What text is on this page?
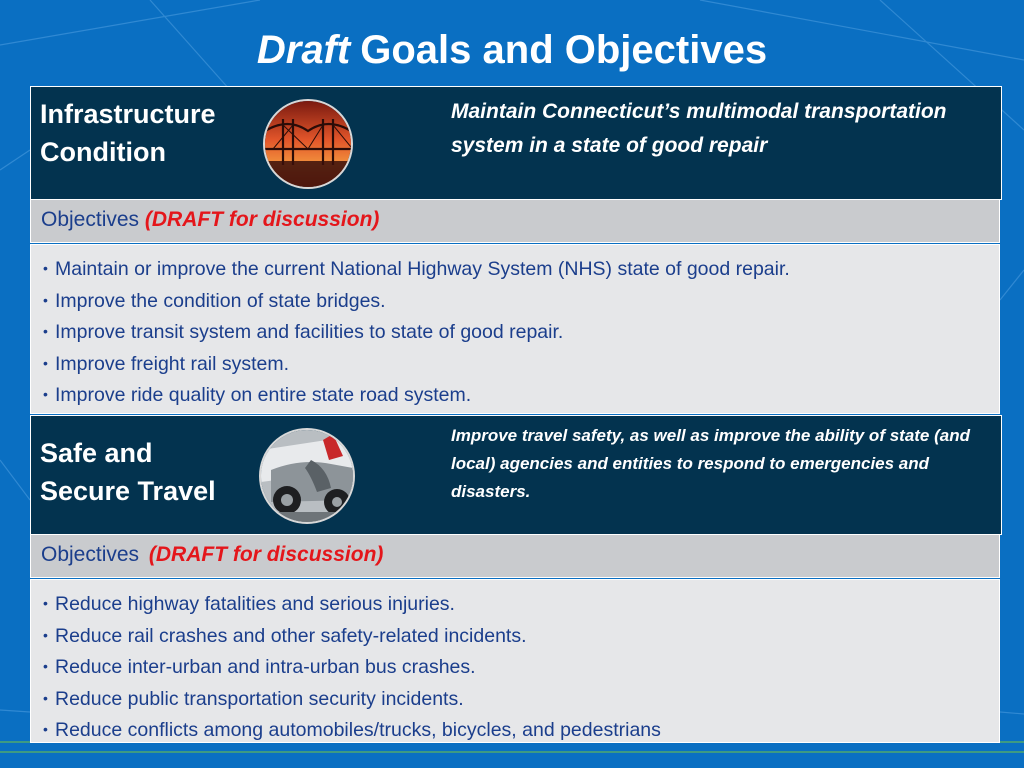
Draft Goals and Objectives
Infrastructure
Condition
Maintain Connecticut’s multimodal transportation system in a state of good repair
Objectives (DRAFT for discussion)
• Maintain or improve the current National Highway System (NHS) state of good repair.
• Improve the condition of state bridges.
• Improve transit system and facilities to state of good repair.
• Improve freight rail system.
• Improve ride quality on entire state road system.
Safe and
Secure Travel
Improve travel safety, as well as improve the ability of state (and local) agencies and entities to respond to emergencies and disasters.
Objectives (DRAFT for discussion)
• Reduce highway fatalities and serious injuries.
• Reduce rail crashes and other safety-related incidents.
• Reduce inter-urban and intra-urban bus crashes.
• Reduce public transportation security incidents.
• Reduce conflicts among automobiles/trucks, bicycles, and pedestrians
